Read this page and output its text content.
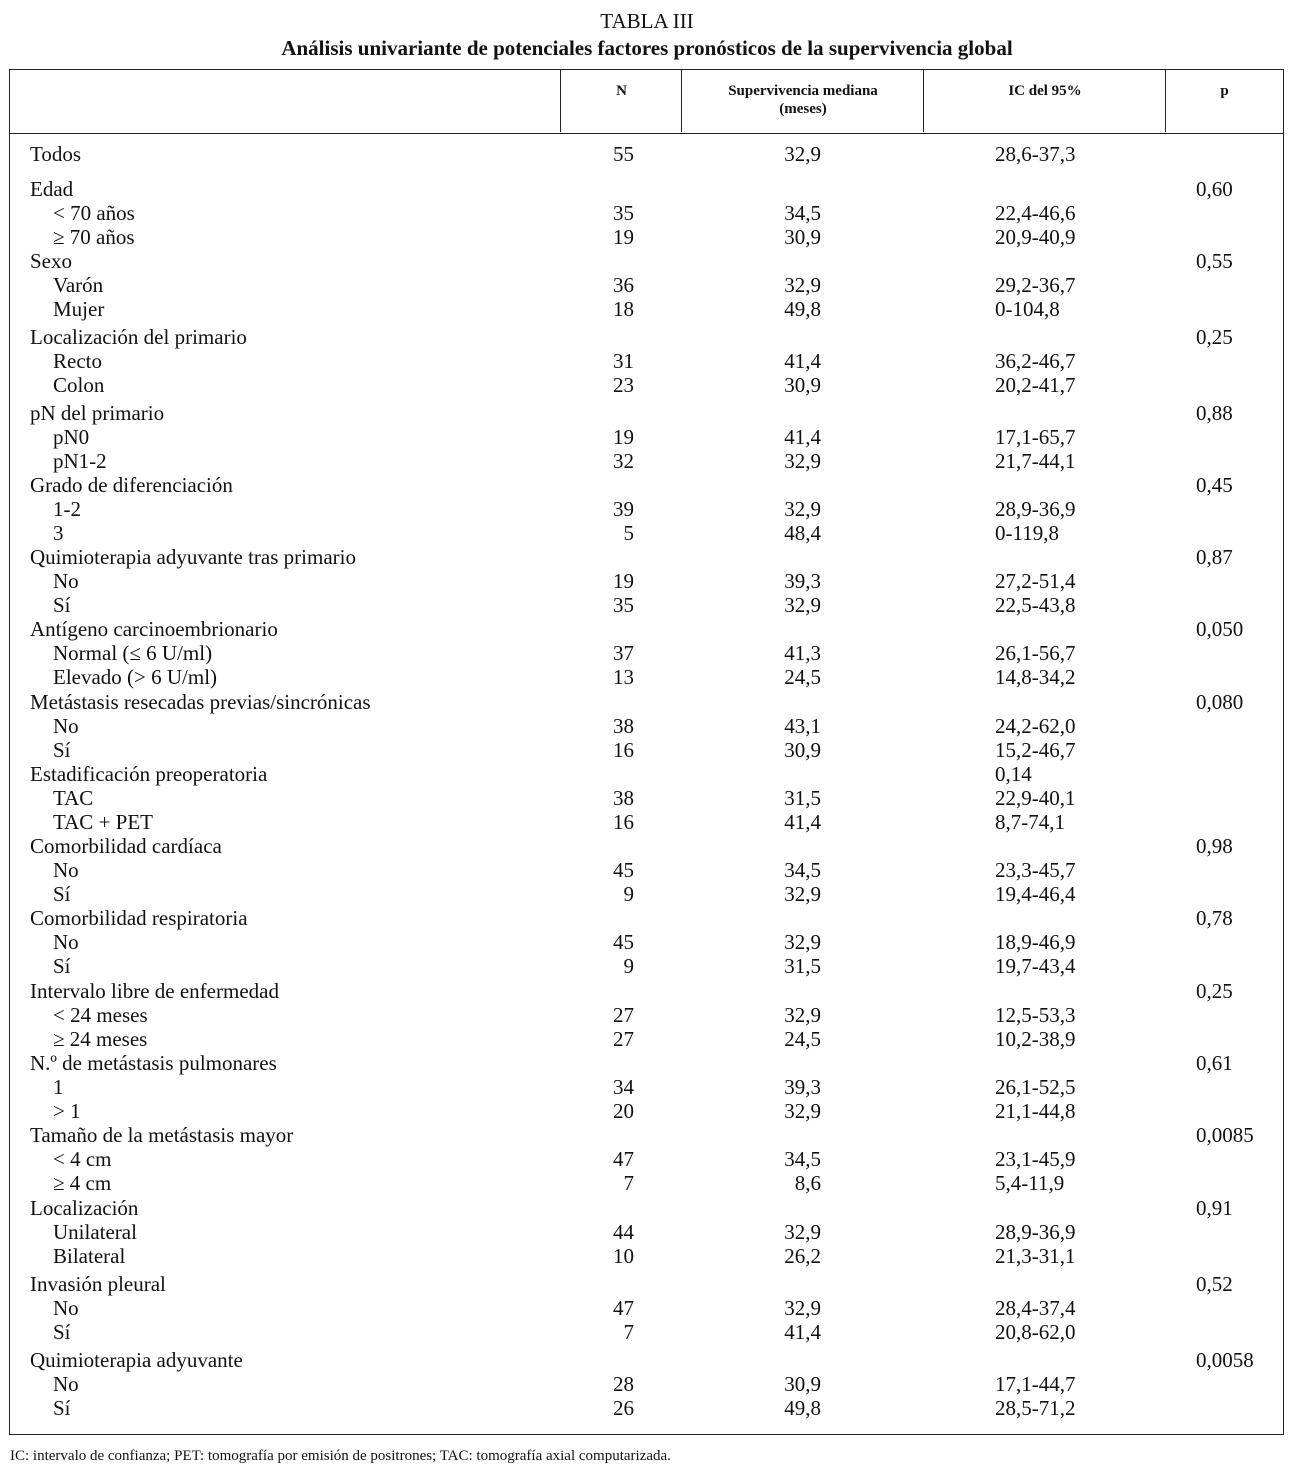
TABLA III
Análisis univariante de potenciales factores pronósticos de la supervivencia global
N	Supervivencia mediana
(meses)
IC del 95%	p
Todos	55	32,9	28,6-37,3
Edad	0,60
< 70 años	35	34,5	22,4-46,6
≥ 70 años	19	30,9	20,9-40,9
Sexo	0,55
Varón	36	32,9	29,2-36,7
Mujer	18	49,8	0-104,8
Localización del primario	0,25
Recto	31	41,4	36,2-46,7
Colon	23	30,9	20,2-41,7
pN del primario	0,88
pN0	19	41,4	17,1-65,7
pN1-2	32	32,9	21,7-44,1
Grado de diferenciación	0,45
1-2	39	32,9	28,9-36,9
3	5	48,4	0-119,8
Quimioterapia adyuvante tras primario	0,87
No	19	39,3	27,2-51,4
Sí	35	32,9	22,5-43,8
Antígeno carcinoembrionario	0,050
Normal (≤ 6 U/ml)	37	41,3	26,1-56,7
Elevado (> 6 U/ml)	13	24,5	14,8-34,2
Metástasis resecadas previas/sincrónicas	0,080
No	38	43,1	24,2-62,0
Sí	16	30,9	15,2-46,7
Estadificación preoperatoria	0,14
TAC	38	31,5	22,9-40,1
TAC + PET	16	41,4	8,7-74,1
Comorbilidad cardíaca	0,98
No	45	34,5	23,3-45,7
Sí	9	32,9	19,4-46,4
Comorbilidad respiratoria	0,78
No	45	32,9	18,9-46,9
Sí	9	31,5	19,7-43,4
Intervalo libre de enfermedad	0,25
< 24 meses	27	32,9	12,5-53,3
≥ 24 meses	27	24,5	10,2-38,9
N.º de metástasis pulmonares	0,61
1	34	39,3	26,1-52,5
> 1	20	32,9	21,1-44,8
Tamaño de la metástasis mayor	0,0085
< 4 cm	47	34,5	23,1-45,9
≥ 4 cm	7	8,6	5,4-11,9
Localización	0,91
Unilateral	44	32,9	28,9-36,9
Bilateral	10	26,2	21,3-31,1
Invasión pleural	0,52
No	47	32,9	28,4-37,4
Sí	7	41,4	20,8-62,0
Quimioterapia adyuvante	0,0058
No	28	30,9	17,1-44,7
Sí	26	49,8	28,5-71,2
IC: intervalo de confianza; PET: tomografía por emisión de positrones; TAC: tomografía axial computarizada.
